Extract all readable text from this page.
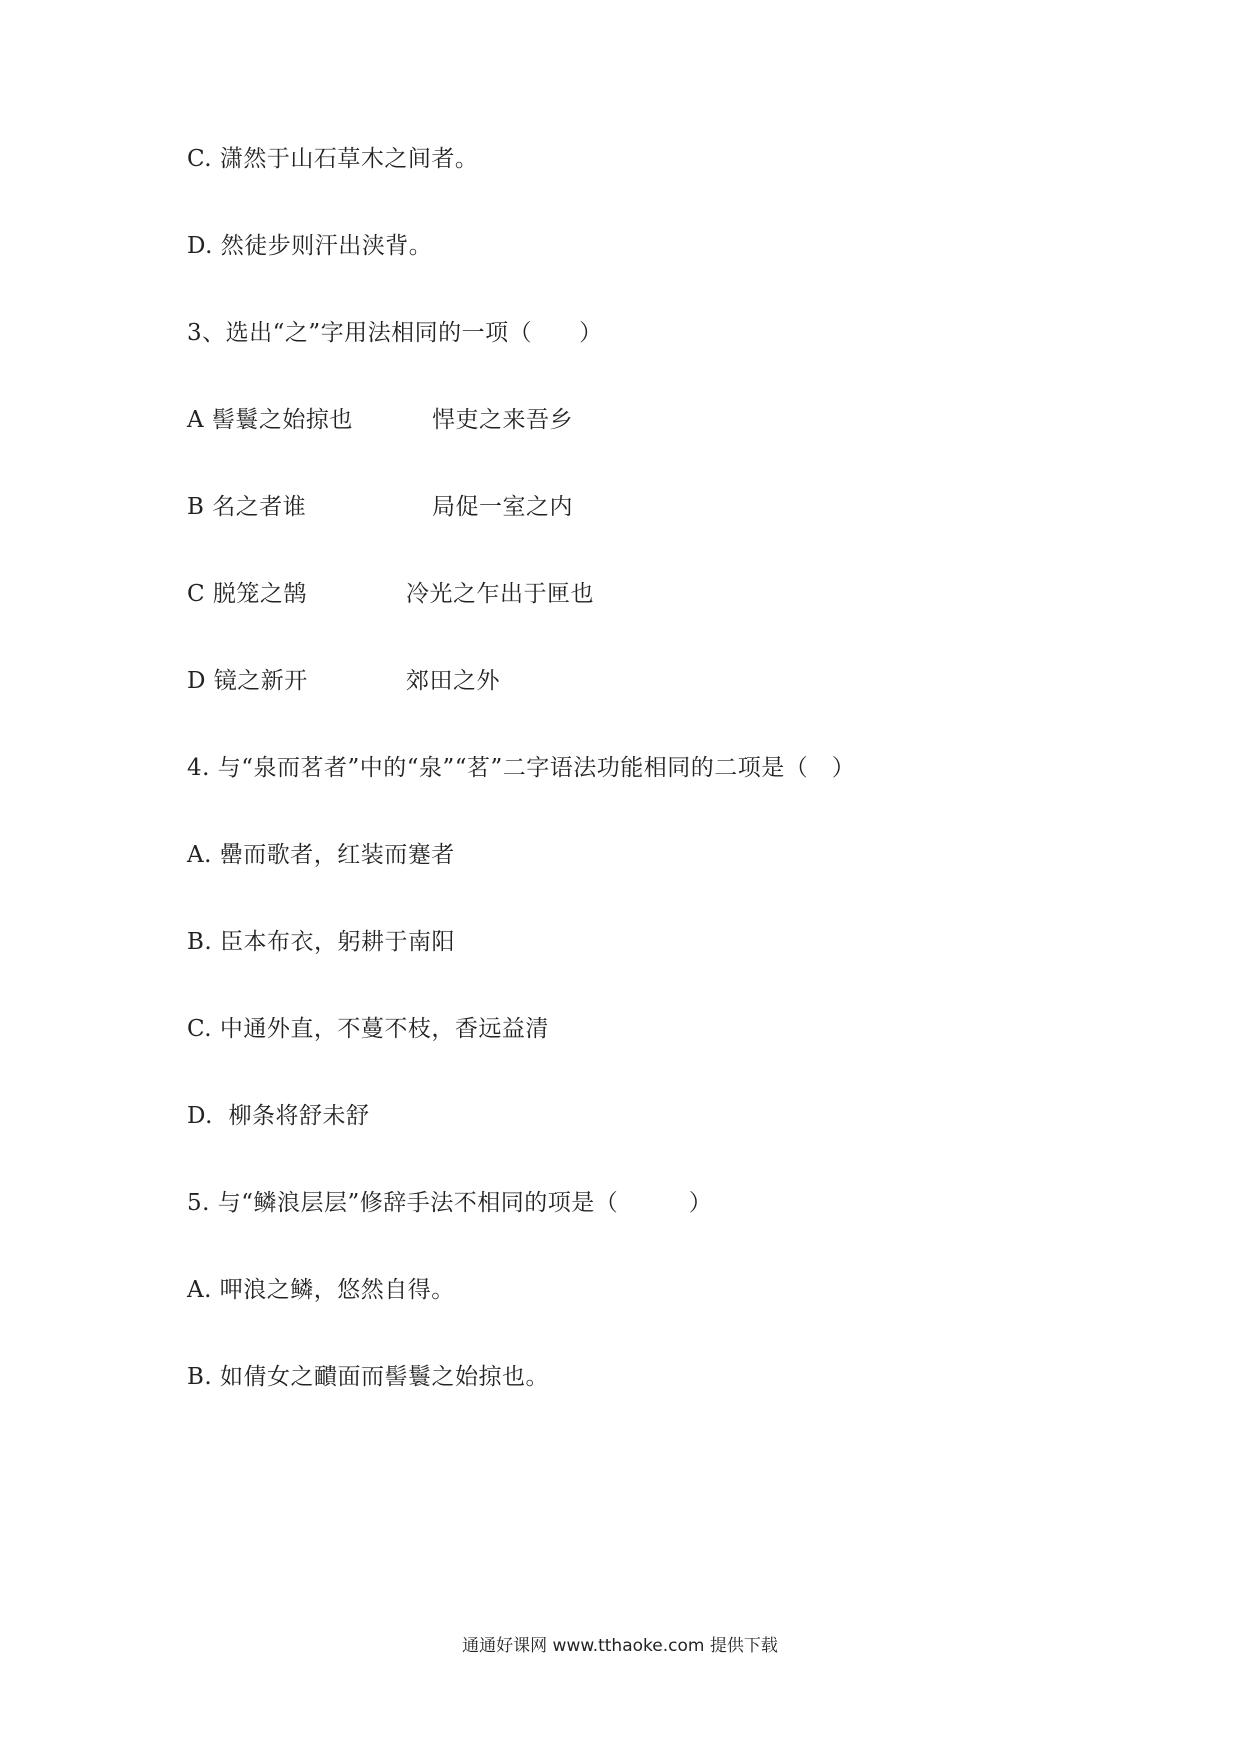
C. 潇然于山石草木之间者。
D. 然徒步则汗出浃背。
3、选出“之”字用法相同的一项（　　）
A 髻鬟之始掠也	悍吏之来吾乡
B 名之者谁	局促一室之内
C 脱笼之鹄	冷光之乍出于匣也
D 镜之新开	郊田之外
4. 与“泉而茗者”中的“泉”“茗”二字语法功能相同的二项是（　）
A. 罍而歌者，红装而蹇者
B. 臣本布衣，躬耕于南阳
C. 中通外直，不蔓不枝，香远益清
D.  柳条将舒未舒
5. 与“鳞浪层层”修辞手法不相同的项是（　　　）
A. 呷浪之鳞，悠然自得。
B. 如倩女之靧面而髻鬟之始掠也。
通通好课网 www.tthaoke.com 提供下载
